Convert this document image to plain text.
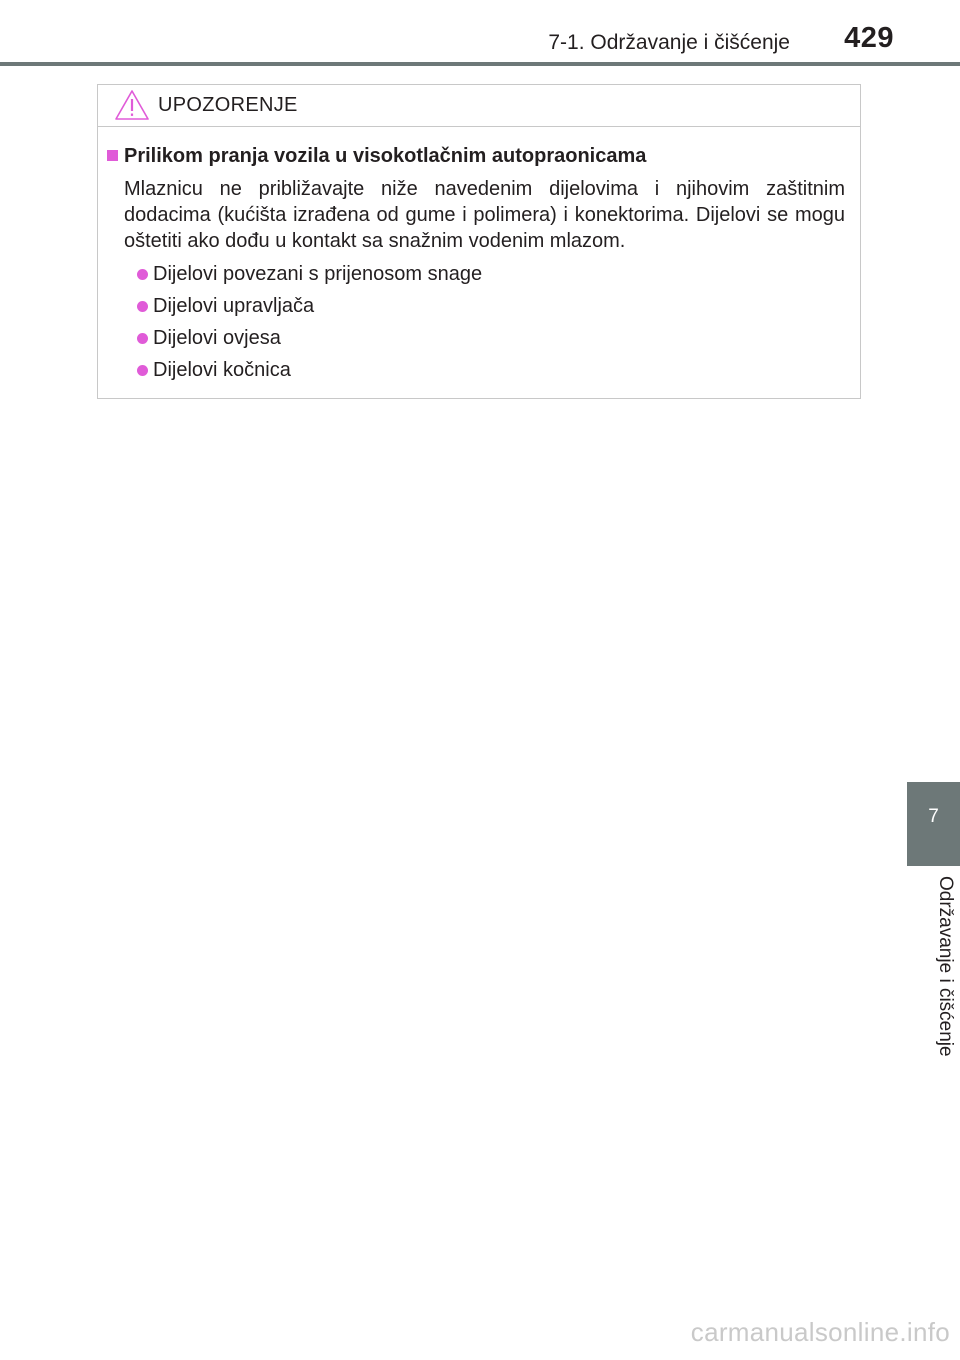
7-1. Održavanje i čišćenje 429
UPOZORENJE
Prilikom pranja vozila u visokotlačnim autopraonicama

Mlaznicu ne približavajte niže navedenim dijelovima i njihovim zaštitnim dodacima (kućišta izrađena od gume i polimera) i konektorima. Dijelovi se mogu oštetiti ako dođu u kontakt sa snažnim vodenim mlazom.

Dijelovi povezani s prijenosom snage
Dijelovi upravljača
Dijelovi ovjesa
Dijelovi kočnica
7
Održavanje i čišćenje
carmanualsonline.info
